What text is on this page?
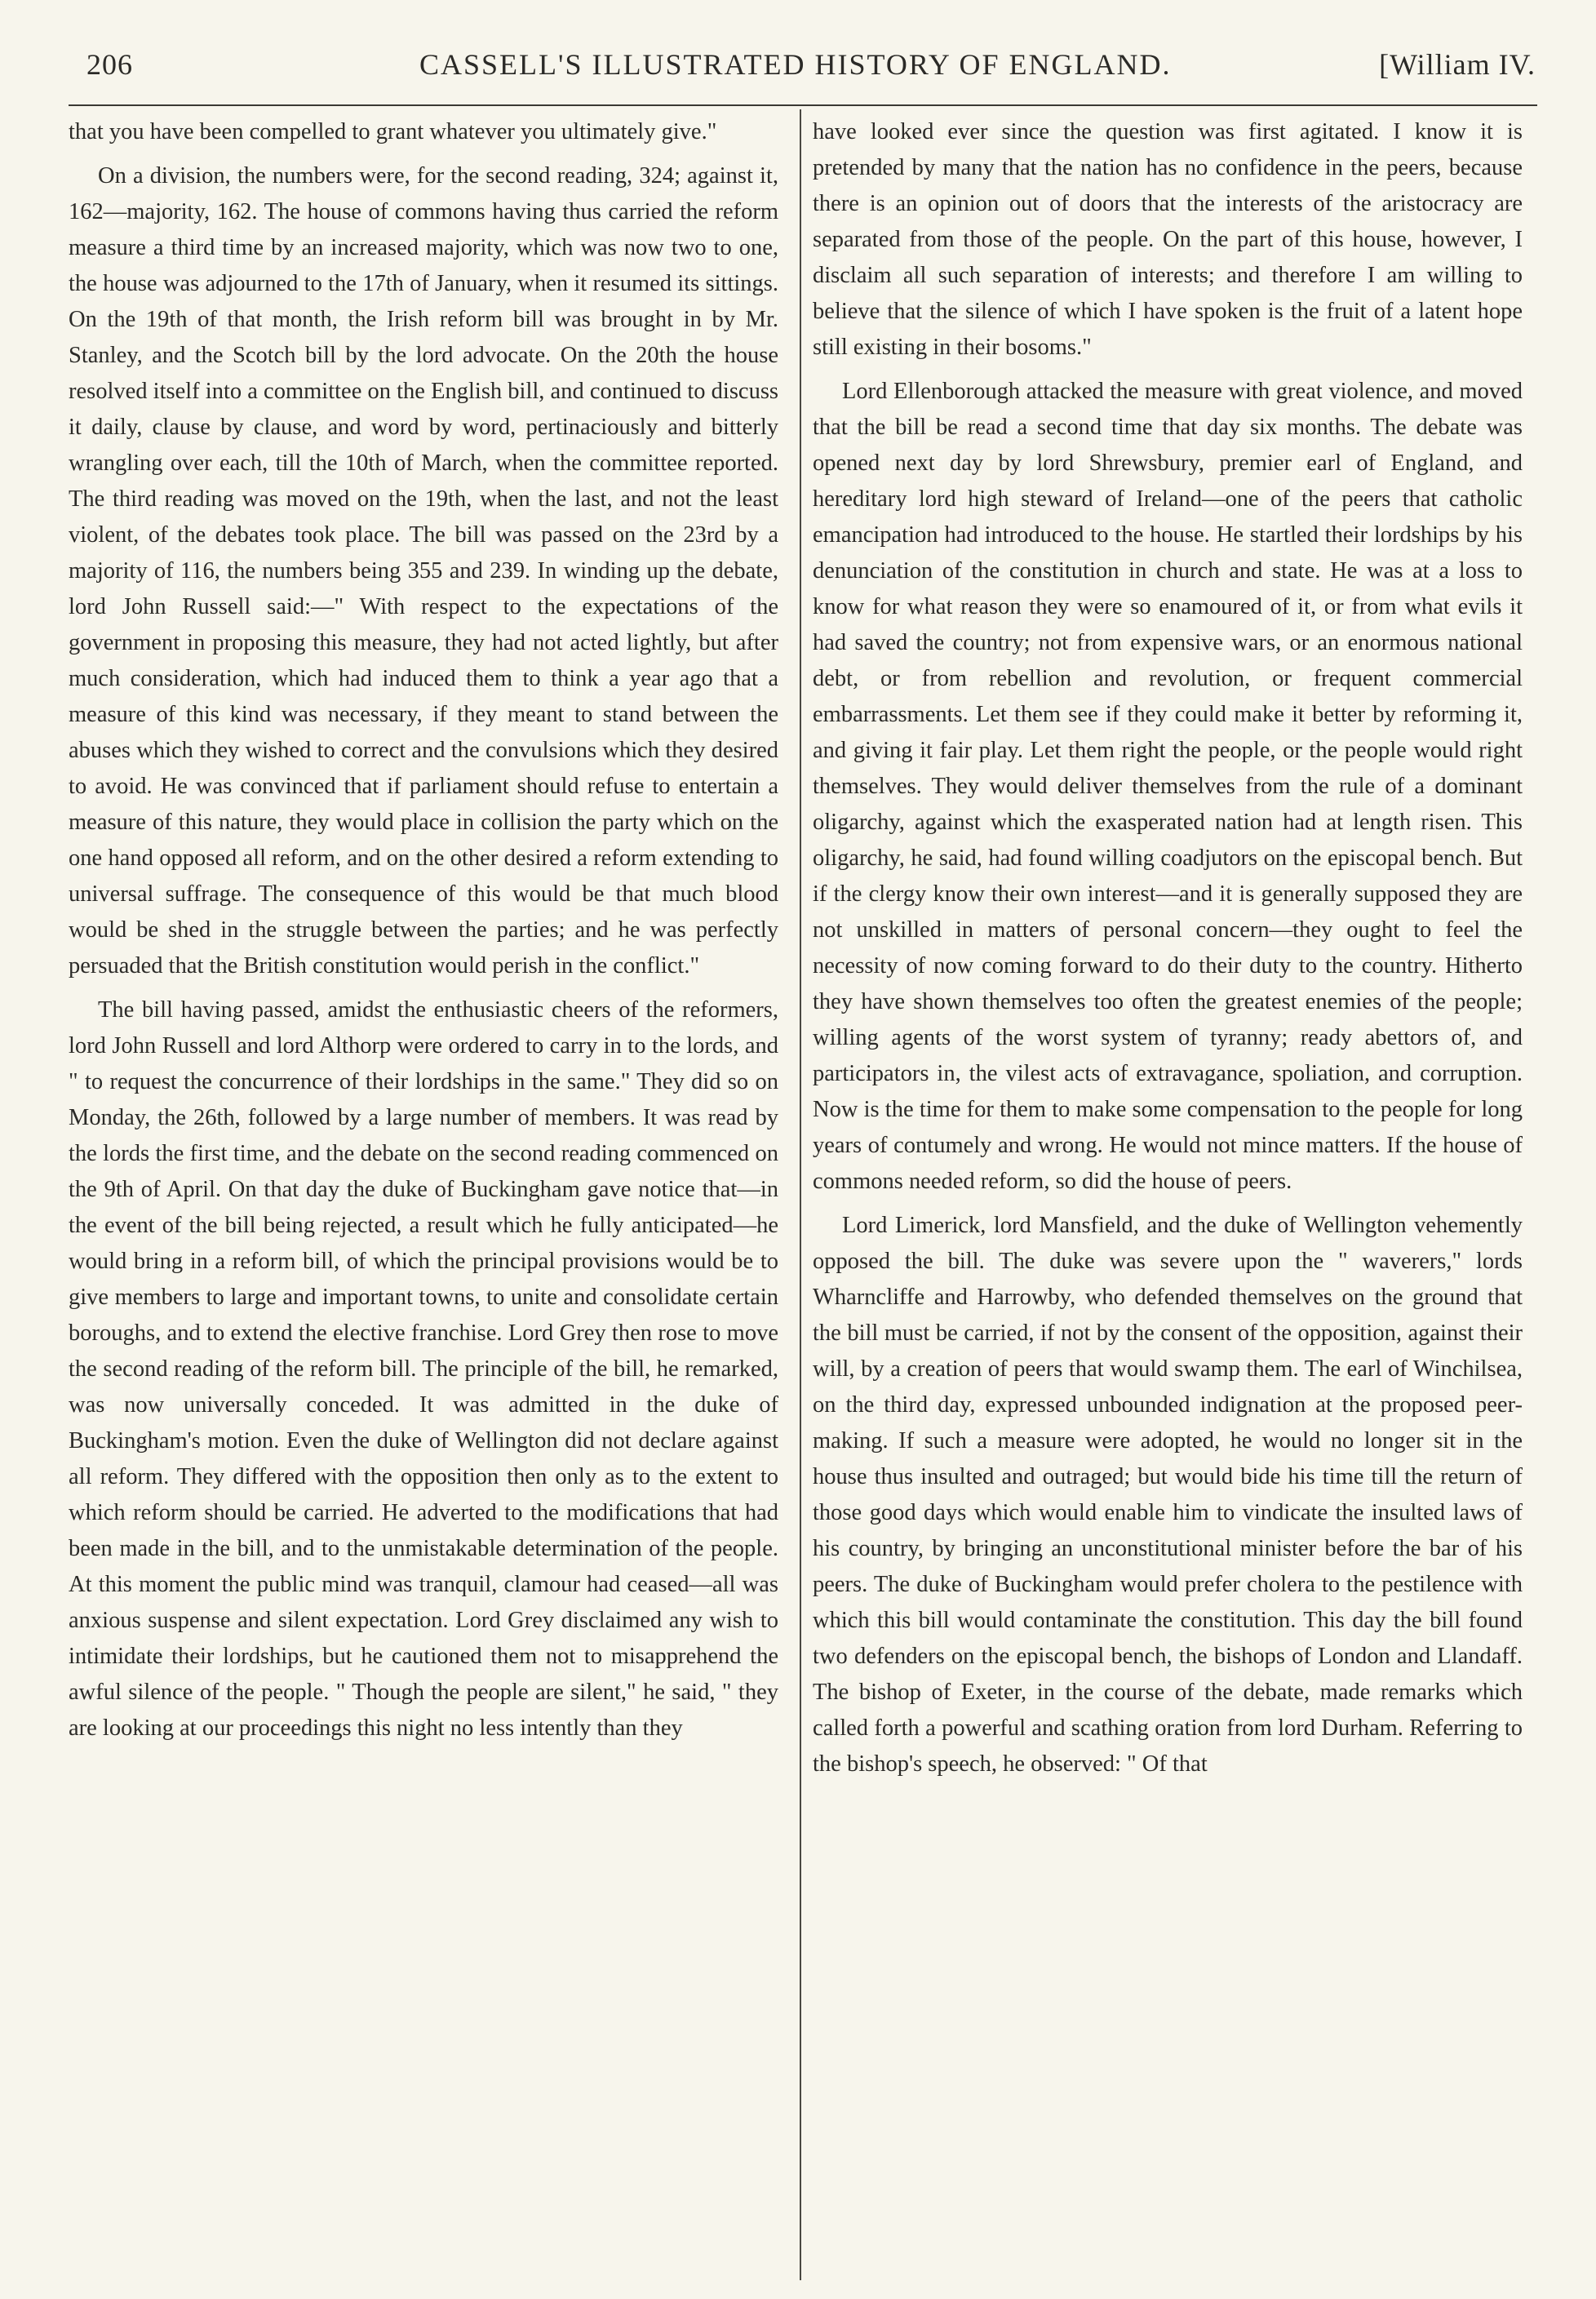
206	CASSELL'S ILLUSTRATED HISTORY OF ENGLAND.	[William IV.

that you have been compelled to grant whatever you ultimately give."

On a division, the numbers were, for the second reading, 324; against it, 162—majority, 162. The house of commons having thus carried the reform measure a third time by an increased majority, which was now two to one, the house was adjourned to the 17th of January, when it resumed its sittings. On the 19th of that month, the Irish reform bill was brought in by Mr. Stanley, and the Scotch bill by the lord advocate. On the 20th the house resolved itself into a committee on the English bill, and continued to discuss it daily, clause by clause, and word by word, pertinaciously and bitterly wrangling over each, till the 10th of March, when the committee reported. The third reading was moved on the 19th, when the last, and not the least violent, of the debates took place. The bill was passed on the 23rd by a majority of 116, the numbers being 355 and 239. In winding up the debate, lord John Russell said:—" With respect to the expectations of the government in proposing this measure, they had not acted lightly, but after much consideration, which had induced them to think a year ago that a measure of this kind was necessary, if they meant to stand between the abuses which they wished to correct and the convulsions which they desired to avoid. He was convinced that if parliament should refuse to entertain a measure of this nature, they would place in collision the party which on the one hand opposed all reform, and on the other desired a reform extending to universal suffrage. The consequence of this would be that much blood would be shed in the struggle between the parties; and he was perfectly persuaded that the British constitution would perish in the conflict."

The bill having passed, amidst the enthusiastic cheers of the reformers, lord John Russell and lord Althorp were ordered to carry in to the lords, and " to request the concurrence of their lordships in the same." They did so on Monday, the 26th, followed by a large number of members. It was read by the lords the first time, and the debate on the second reading commenced on the 9th of April. On that day the duke of Buckingham gave notice that—in the event of the bill being rejected, a result which he fully anticipated—he would bring in a reform bill, of which the principal provisions would be to give members to large and important towns, to unite and consolidate certain boroughs, and to extend the elective franchise. Lord Grey then rose to move the second reading of the reform bill. The principle of the bill, he remarked, was now universally conceded. It was admitted in the duke of Buckingham's motion. Even the duke of Wellington did not declare against all reform. They differed with the opposition then only as to the extent to which reform should be carried. He adverted to the modifications that had been made in the bill, and to the unmistakable determination of the people. At this moment the public mind was tranquil, clamour had ceased—all was anxious suspense and silent expectation. Lord Grey disclaimed any wish to intimidate their lordships, but he cautioned them not to misapprehend the awful silence of the people. " Though the people are silent," he said, " they are looking at our proceedings this night no less intently than they

have looked ever since the question was first agitated. I know it is pretended by many that the nation has no confidence in the peers, because there is an opinion out of doors that the interests of the aristocracy are separated from those of the people. On the part of this house, however, I disclaim all such separation of interests; and therefore I am willing to believe that the silence of which I have spoken is the fruit of a latent hope still existing in their bosoms."

Lord Ellenborough attacked the measure with great violence, and moved that the bill be read a second time that day six months. The debate was opened next day by lord Shrewsbury, premier earl of England, and hereditary lord high steward of Ireland—one of the peers that catholic emancipation had introduced to the house. He startled their lordships by his denunciation of the constitution in church and state. He was at a loss to know for what reason they were so enamoured of it, or from what evils it had saved the country; not from expensive wars, or an enormous national debt, or from rebellion and revolution, or frequent commercial embarrassments. Let them see if they could make it better by reforming it, and giving it fair play. Let them right the people, or the people would right themselves. They would deliver themselves from the rule of a dominant oligarchy, against which the exasperated nation had at length risen. This oligarchy, he said, had found willing coadjutors on the episcopal bench. But if the clergy know their own interest—and it is generally supposed they are not unskilled in matters of personal concern—they ought to feel the necessity of now coming forward to do their duty to the country. Hitherto they have shown themselves too often the greatest enemies of the people; willing agents of the worst system of tyranny; ready abettors of, and participators in, the vilest acts of extravagance, spoliation, and corruption. Now is the time for them to make some compensation to the people for long years of contumely and wrong. He would not mince matters. If the house of commons needed reform, so did the house of peers.

Lord Limerick, lord Mansfield, and the duke of Wellington vehemently opposed the bill. The duke was severe upon the " waverers," lords Wharncliffe and Harrowby, who defended themselves on the ground that the bill must be carried, if not by the consent of the opposition, against their will, by a creation of peers that would swamp them. The earl of Winchilsea, on the third day, expressed unbounded indignation at the proposed peer-making. If such a measure were adopted, he would no longer sit in the house thus insulted and outraged; but would bide his time till the return of those good days which would enable him to vindicate the insulted laws of his country, by bringing an unconstitutional minister before the bar of his peers. The duke of Buckingham would prefer cholera to the pestilence with which this bill would contaminate the constitution. This day the bill found two defenders on the episcopal bench, the bishops of London and Llandaff. The bishop of Exeter, in the course of the debate, made remarks which called forth a powerful and scathing oration from lord Durham. Referring to the bishop's speech, he observed: " Of that
